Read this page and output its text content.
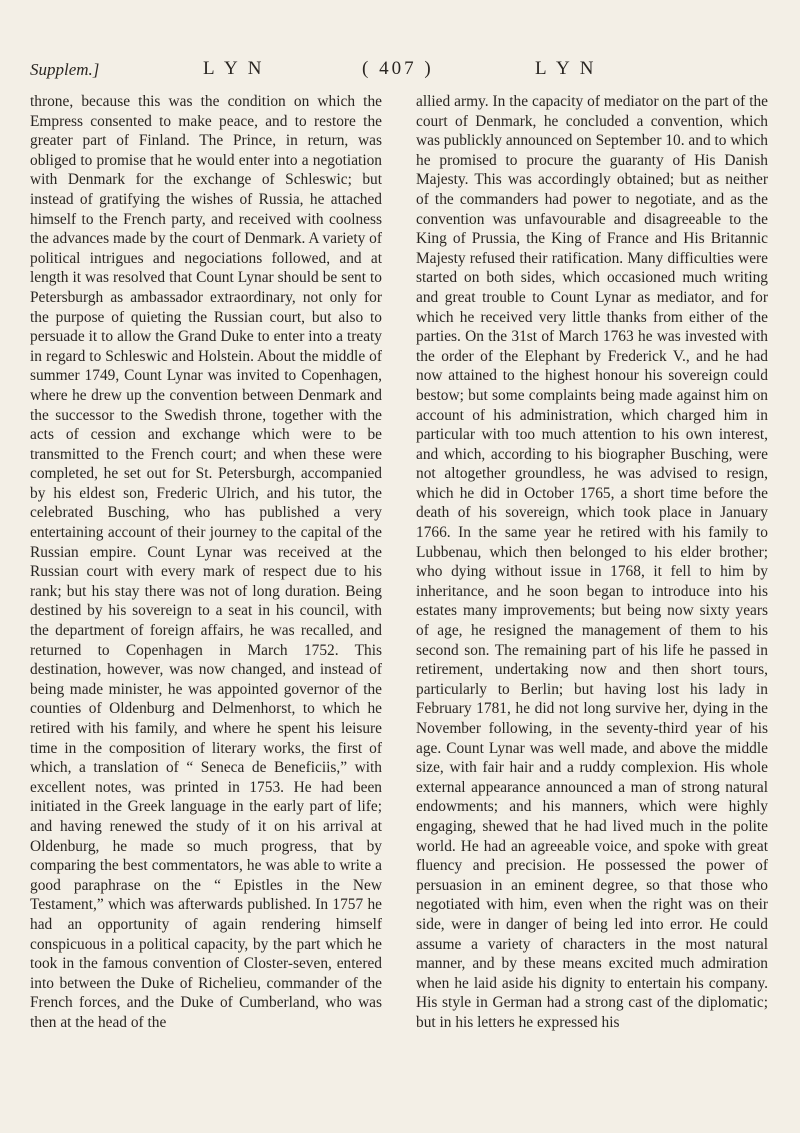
Supplem.]	L Y N	( 407 )	L Y N

throne, because this was the condition on which the Empress consented to make peace, and to restore the greater part of Finland. The Prince, in return, was obliged to promise that he would enter into a negotiation with Denmark for the exchange of Schleswic; but instead of gratifying the wishes of Russia, he attached himself to the French party, and received with coolness the advances made by the court of Denmark. A variety of political intrigues and negociations followed, and at length it was resolved that Count Lynar should be sent to Petersburgh as ambassador extraordinary, not only for the purpose of quieting the Russian court, but also to persuade it to allow the Grand Duke to enter into a treaty in regard to Schleswic and Holstein. About the middle of summer 1749, Count Lynar was invited to Copenhagen, where he drew up the convention between Denmark and the successor to the Swedish throne, together with the acts of cession and exchange which were to be transmitted to the French court; and when these were completed, he set out for St. Petersburgh, accompanied by his eldest son, Frederic Ulrich, and his tutor, the celebrated Busching, who has published a very entertaining account of their journey to the capital of the Russian empire. Count Lynar was received at the Russian court with every mark of respect due to his rank; but his stay there was not of long duration. Being destined by his sovereign to a seat in his council, with the department of foreign affairs, he was recalled, and returned to Copenhagen in March 1752. This destination, however, was now changed, and instead of being made minister, he was appointed governor of the counties of Oldenburg and Delmenhorst, to which he retired with his family, and where he spent his leisure time in the composition of literary works, the first of which, a translation of “ Seneca de Beneficiis,” with excellent notes, was printed in 1753. He had been initiated in the Greek language in the early part of life; and having renewed the study of it on his arrival at Oldenburg, he made so much progress, that by comparing the best commentators, he was able to write a good paraphrase on the “ Epistles in the New Testament,” which was afterwards published. In 1757 he had an opportunity of again rendering himself conspicuous in a political capacity, by the part which he took in the famous convention of Closter-seven, entered into between the Duke of Richelieu, commander of the French forces, and the Duke of Cumberland, who was then at the head of the

allied army. In the capacity of mediator on the part of the court of Denmark, he concluded a convention, which was publickly announced on September 10. and to which he promised to procure the guaranty of His Danish Majesty. This was accordingly obtained; but as neither of the commanders had power to negotiate, and as the convention was unfavourable and disagreeable to the King of Prussia, the King of France and His Britannic Majesty refused their ratification. Many difficulties were started on both sides, which occasioned much writing and great trouble to Count Lynar as mediator, and for which he received very little thanks from either of the parties. On the 31st of March 1763 he was invested with the order of the Elephant by Frederick V., and he had now attained to the highest honour his sovereign could bestow; but some complaints being made against him on account of his administration, which charged him in particular with too much attention to his own interest, and which, according to his biographer Busching, were not altogether groundless, he was advised to resign, which he did in October 1765, a short time before the death of his sovereign, which took place in January 1766. In the same year he retired with his family to Lubbenau, which then belonged to his elder brother; who dying without issue in 1768, it fell to him by inheritance, and he soon began to introduce into his estates many improvements; but being now sixty years of age, he resigned the management of them to his second son. The remaining part of his life he passed in retirement, undertaking now and then short tours, particularly to Berlin; but having lost his lady in February 1781, he did not long survive her, dying in the November following, in the seventy-third year of his age. Count Lynar was well made, and above the middle size, with fair hair and a ruddy complexion. His whole external appearance announced a man of strong natural endowments; and his manners, which were highly engaging, shewed that he had lived much in the polite world. He had an agreeable voice, and spoke with great fluency and precision. He possessed the power of persuasion in an eminent degree, so that those who negotiated with him, even when the right was on their side, were in danger of being led into error. He could assume a variety of characters in the most natural manner, and by these means excited much admiration when he laid aside his dignity to entertain his company. His style in German had a strong cast of the diplomatic; but in his letters he expressed his
